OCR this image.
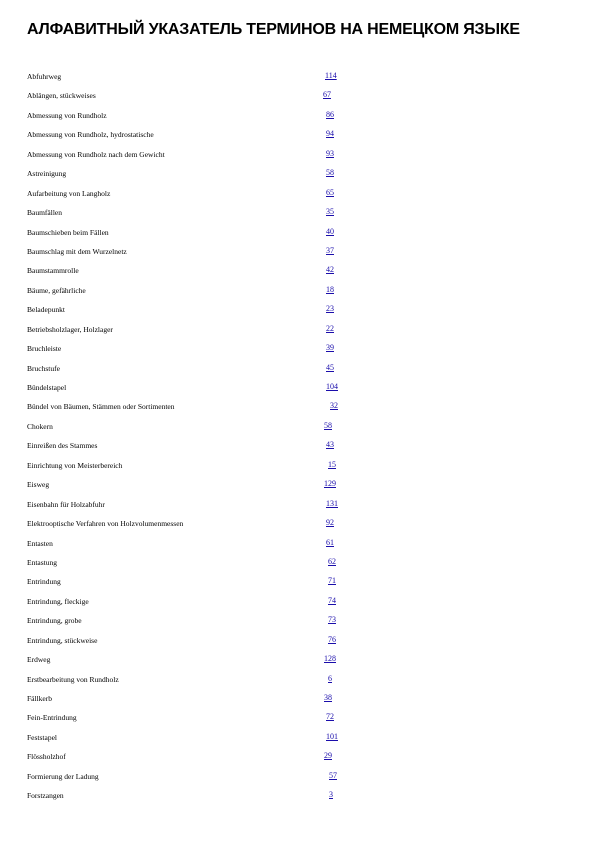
АЛФАВИТНЫЙ УКАЗАТЕЛЬ ТЕРМИНОВ НА НЕМЕЦКОМ ЯЗЫКЕ
Abfuhrweg	114
Ablängen, stückweises	67
Abmessung von Rundholz	86
Abmessung von Rundholz, hydrostatische	94
Abmessung von Rundholz nach dem Gewicht	93
Astreinigung	58
Aufarbeitung von Langholz	65
Baumfällen	35
Baumschieben beim Fällen	40
Baumschlag mit dem Wurzelnetz	37
Baumstammrolle	42
Bäume, gefährliche	18
Beladepunkt	23
Betriebsholzlager, Holzlager	22
Bruchleiste	39
Bruchstufe	45
Bündelstapel	104
Bündel von Bäumen, Stämmen oder Sortimenten	32
Chokern	58
Einreißen des Stammes	43
Einrichtung von Meisterbereich	15
Eisweg	129
Eisenbahn für Holzabfuhr	131
Elektrooptische Verfahren von Holzvolumenmessen	92
Entasten	61
Entastung	62
Entrindung	71
Entrindung, fleckige	74
Entrindung, grobe	73
Entrindung, stückweise	76
Erdweg	128
Erstbearbeitung von Rundholz	6
Fällkerb	38
Fein-Entrindung	72
Feststapel	101
Flössholzhof	29
Formierung der Ladung	57
Forstzangen	3
